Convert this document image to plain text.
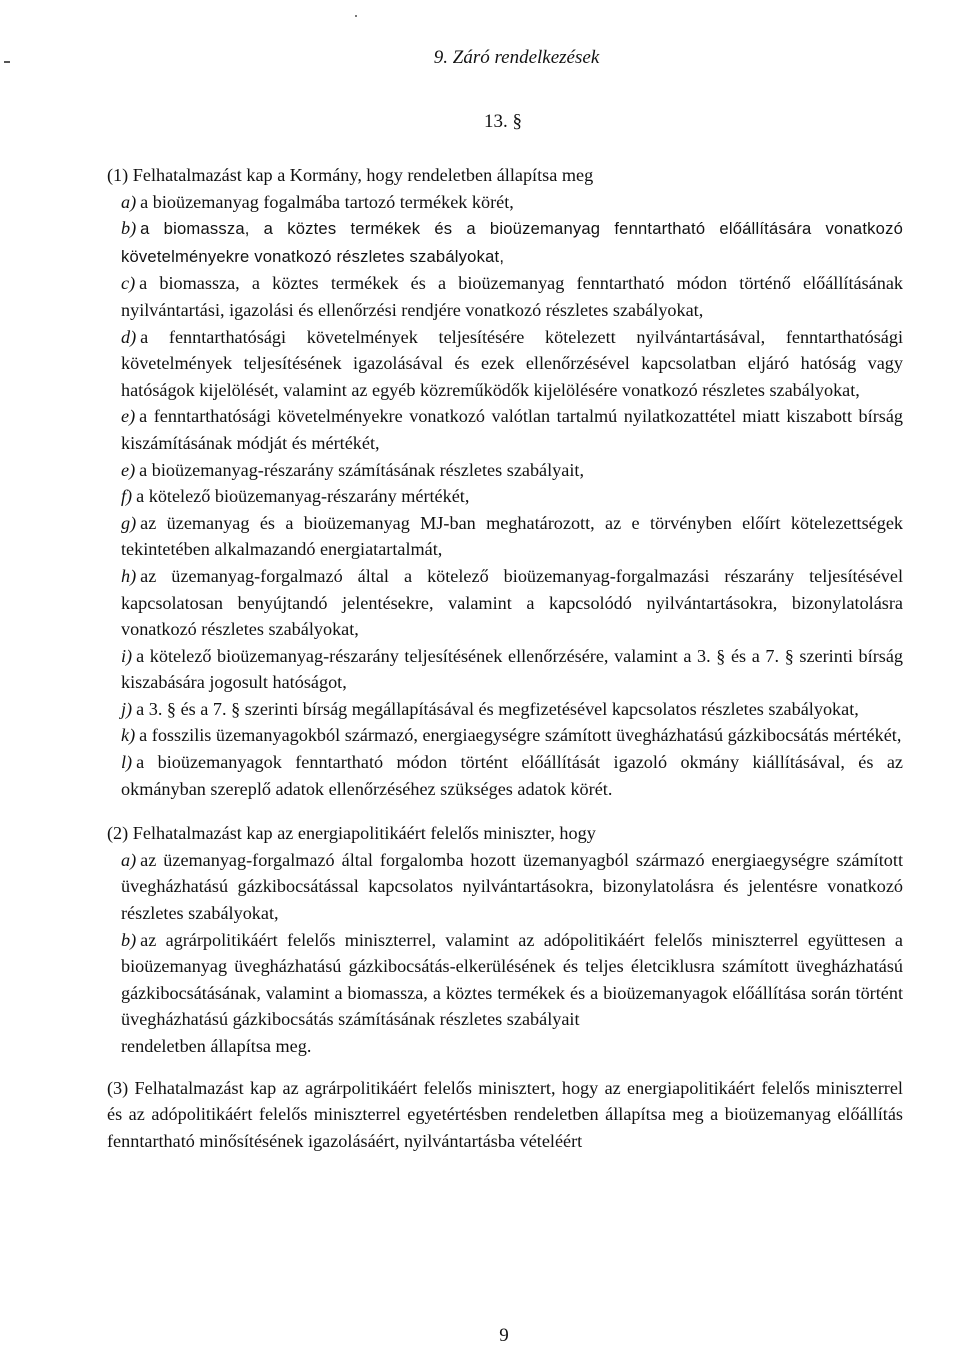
9. Záró rendelkezések
13. §

(1) Felhatalmazást kap a Kormány, hogy rendeletben állapítsa meg

a) a bioüzemanyag fogalmába tartozó termékek körét,

b) a biomassza, a köztes termékek és a bioüzemanyag fenntartható előállítására vonatkozó követelményekre vonatkozó részletes szabályokat,

c) a biomassza, a köztes termékek és a bioüzemanyag fenntartható módon történő előállításának nyilvántartási, igazolási és ellenőrzési rendjére vonatkozó részletes szabályokat,

d) a fenntarthatósági követelmények teljesítésére kötelezett nyilvántartásával, fenntarthatósági követelmények teljesítésének igazolásával és ezek ellenőrzésével kapcsolatban eljáró hatóság vagy hatóságok kijelölését, valamint az egyéb közreműködők kijelölésére vonatkozó részletes szabályokat,

e) a fenntarthatósági követelményekre vonatkozó valótlan tartalmú nyilatkozattétel miatt kiszabott bírság kiszámításának módját és mértékét,

e) a bioüzemanyag-részarány számításának részletes szabályait,

f) a kötelező bioüzemanyag-részarány mértékét,

g) az üzemanyag és a bioüzemanyag MJ-ban meghatározott, az e törvényben előírt kötelezettségek tekintetében alkalmazandó energiatartalmát,

h) az üzemanyag-forgalmazó által a kötelező bioüzemanyag-forgalmazási részarány teljesítésével kapcsolatosan benyújtandó jelentésekre, valamint a kapcsolódó nyilvántartásokra, bizonylatolásra vonatkozó részletes szabályokat,

i) a kötelező bioüzemanyag-részarány teljesítésének ellenőrzésére, valamint a 3. § és a 7. § szerinti bírság kiszabására jogosult hatóságot,

j) a 3. § és a 7. § szerinti bírság megállapításával és megfizetésével kapcsolatos részletes szabályokat,

k) a fosszilis üzemanyagokból származó, energiaegységre számított üvegházhatású gázkibocsátás mértékét,

l) a bioüzemanyagok fenntartható módon történt előállítását igazoló okmány kiállításával, és az okmányban szereplő adatok ellenőrzéséhez szükséges adatok körét.

(2) Felhatalmazást kap az energiapolitikáért felelős miniszter, hogy

a) az üzemanyag-forgalmazó által forgalomba hozott üzemanyagból származó energiaegységre számított üvegházhatású gázkibocsátással kapcsolatos nyilvántartásokra, bizonylatolásra és jelentésre vonatkozó részletes szabályokat,

b) az agrárpolitikáért felelős miniszterrel, valamint az adópolitikáért felelős miniszterrel együttesen a bioüzemanyag üvegházhatású gázkibocsátás-elkerülésének és teljes életciklusra számított üvegházhatású gázkibocsátásának, valamint a biomassza, a köztes termékek és a bioüzemanyagok előállítása során történt üvegházhatású gázkibocsátás számításának részletes szabályait

rendeletben állapítsa meg.

(3) Felhatalmazást kap az agrárpolitikáért felelős minisztert, hogy az energiapolitikáért felelős miniszterrel és az adópolitikáért felelős miniszterrel egyetértésben rendeletben állapítsa meg a bioüzemanyag előállítás fenntartható minősítésének igazolásáért, nyilvántartásba vételéért

9
